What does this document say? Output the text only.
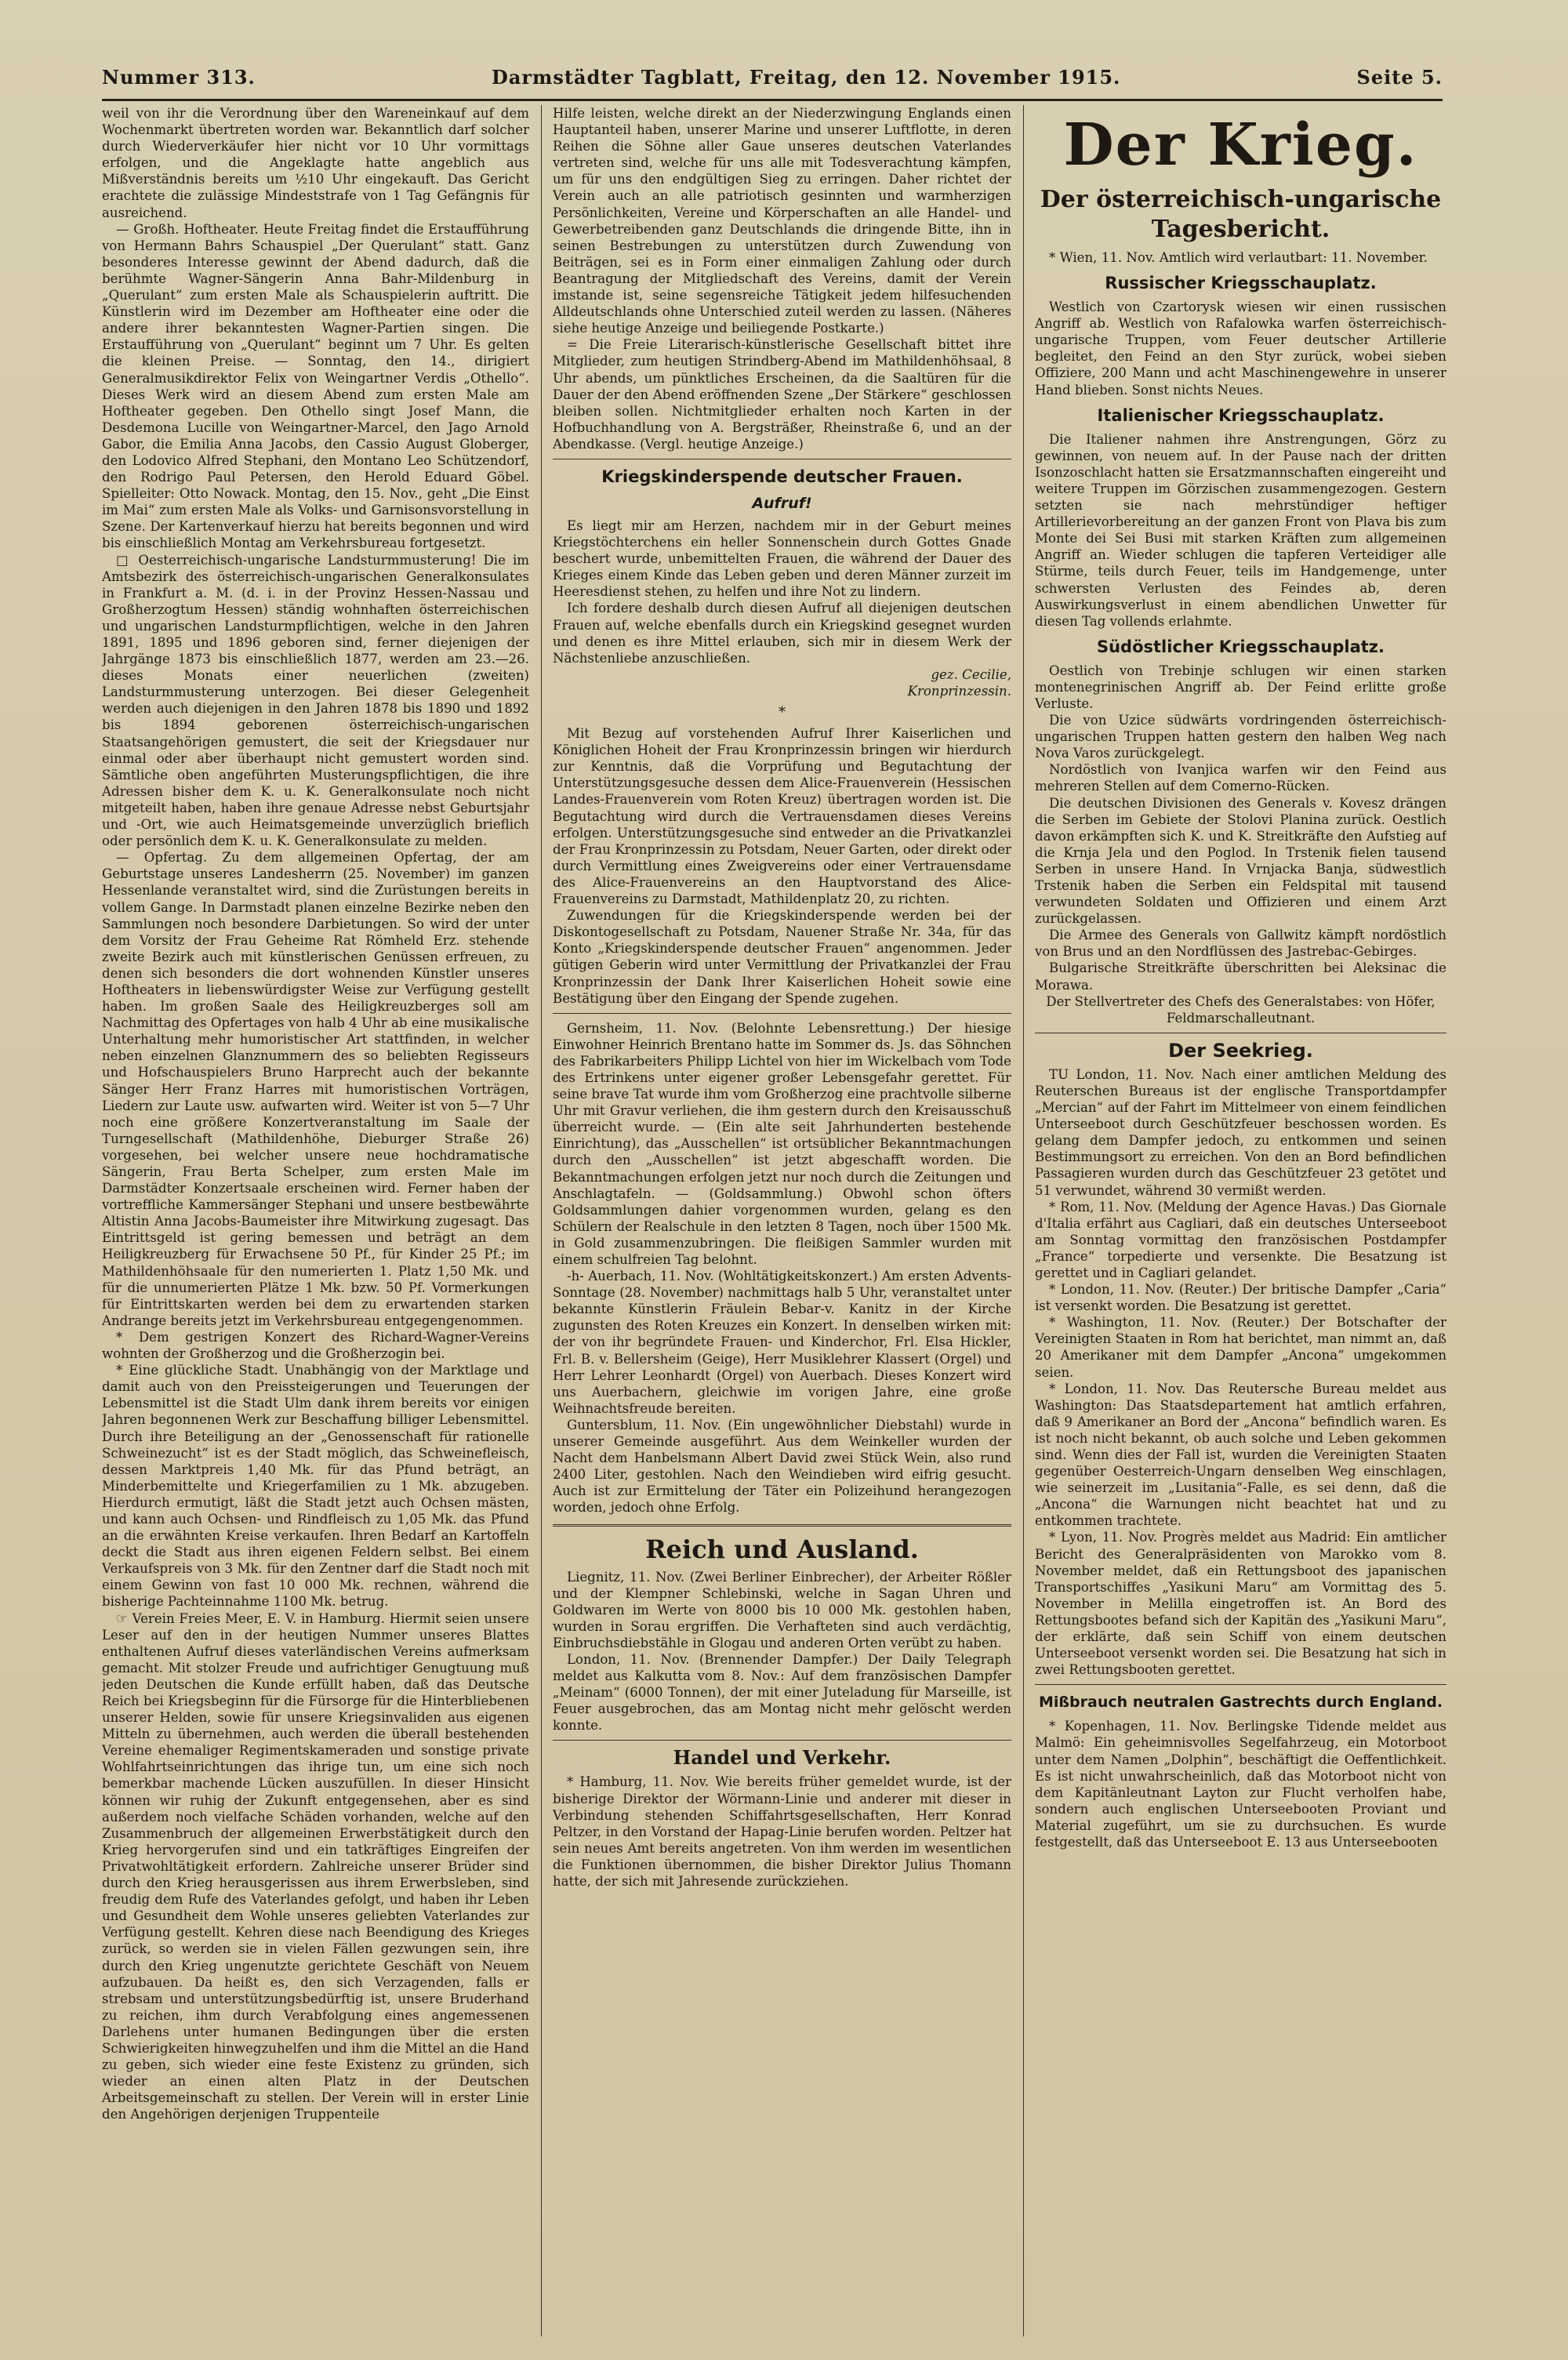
Nummer 313.	Darmstädter Tagblatt, Freitag, den 12. November 1915.	Seite 5.

weil von ihr die Verordnung über den Wareneinkauf auf dem Wochenmarkt übertreten worden war. Bekanntlich darf solcher durch Wiederverkäufer hier nicht vor 10 Uhr vormittags erfolgen, und die Angeklagte hatte angeblich aus Mißverständnis bereits um ½10 Uhr eingekauft. Das Gericht erachtete die zulässige Mindeststrafe von 1 Tag Gefängnis für ausreichend.

— Großh. Hoftheater. Heute Freitag findet die Erstaufführung von Hermann Bahrs Schauspiel „Der Querulant“ statt. Ganz besonderes Interesse gewinnt der Abend dadurch, daß die berühmte Wagner-Sängerin Anna Bahr-Mildenburg in „Querulant“ zum ersten Male als Schauspielerin auftritt. Die Künstlerin wird im Dezember am Hoftheater eine oder die andere ihrer bekanntesten Wagner-Partien singen. Die Erstaufführung von „Querulant“ beginnt um 7 Uhr. Es gelten die kleinen Preise. — Sonntag, den 14., dirigiert Generalmusikdirektor Felix von Weingartner Verdis „Othello“. Dieses Werk wird an diesem Abend zum ersten Male am Hoftheater gegeben. Den Othello singt Josef Mann, die Desdemona Lucille von Weingartner-Marcel, den Jago Arnold Gabor, die Emilia Anna Jacobs, den Cassio August Globerger, den Lodovico Alfred Stephani, den Montano Leo Schützendorf, den Rodrigo Paul Petersen, den Herold Eduard Göbel. Spielleiter: Otto Nowack. Montag, den 15. Nov., geht „Die Einst im Mai“ zum ersten Male als Volks- und Garnisonsvorstellung in Szene. Der Kartenverkauf hierzu hat bereits begonnen und wird bis einschließlich Montag am Verkehrsbureau fortgesetzt.

□ Oesterreichisch-ungarische Landsturmmusterung! Die im Amtsbezirk des österreichisch-ungarischen Generalkonsulates in Frankfurt a. M. (d. i. in der Provinz Hessen-Nassau und Großherzogtum Hessen) ständig wohnhaften österreichischen und ungarischen Landsturmpflichtigen, welche in den Jahren 1891, 1895 und 1896 geboren sind, ferner diejenigen der Jahrgänge 1873 bis einschließlich 1877, werden am 23.—26. dieses Monats einer neuerlichen (zweiten) Landsturmmusterung unterzogen. Bei dieser Gelegenheit werden auch diejenigen in den Jahren 1878 bis 1890 und 1892 bis 1894 geborenen österreichisch-ungarischen Staatsangehörigen gemustert, die seit der Kriegsdauer nur einmal oder aber überhaupt nicht gemustert worden sind. Sämtliche oben angeführten Musterungspflichtigen, die ihre Adressen bisher dem K. u. K. Generalkonsulate noch nicht mitgeteilt haben, haben ihre genaue Adresse nebst Geburtsjahr und -Ort, wie auch Heimatsgemeinde unverzüglich brieflich oder persönlich dem K. u. K. Generalkonsulate zu melden.

— Opfertag. Zu dem allgemeinen Opfertag, der am Geburtstage unseres Landesherrn (25. November) im ganzen Hessenlande veranstaltet wird, sind die Zurüstungen bereits in vollem Gange. In Darmstadt planen einzelne Bezirke neben den Sammlungen noch besondere Darbietungen. So wird der unter dem Vorsitz der Frau Geheime Rat Römheld Erz. stehende zweite Bezirk auch mit künstlerischen Genüssen erfreuen, zu denen sich besonders die dort wohnenden Künstler unseres Hoftheaters in liebenswürdigster Weise zur Verfügung gestellt haben. Im großen Saale des Heiligkreuzberges soll am Nachmittag des Opfertages von halb 4 Uhr ab eine musikalische Unterhaltung mehr humoristischer Art stattfinden, in welcher neben einzelnen Glanznummern des so beliebten Regisseurs und Hofschauspielers Bruno Harprecht auch der bekannte Sänger Herr Franz Harres mit humoristischen Vorträgen, Liedern zur Laute usw. aufwarten wird. Weiter ist von 5—7 Uhr noch eine größere Konzertveranstaltung im Saale der Turngesellschaft (Mathildenhöhe, Dieburger Straße 26) vorgesehen, bei welcher unsere neue hochdramatische Sängerin, Frau Berta Schelper, zum ersten Male im Darmstädter Konzertsaale erscheinen wird. Ferner haben der vortreffliche Kammersänger Stephani und unsere bestbewährte Altistin Anna Jacobs-Baumeister ihre Mitwirkung zugesagt. Das Eintrittsgeld ist gering bemessen und beträgt an dem Heiligkreuzberg für Erwachsene 50 Pf., für Kinder 25 Pf.; im Mathildenhöhsaale für den numerierten 1. Platz 1,50 Mk. und für die unnumerierten Plätze 1 Mk. bzw. 50 Pf. Vormerkungen für Eintrittskarten werden bei dem zu erwartenden starken Andrange bereits jetzt im Verkehrsbureau entgegengenommen.

* Dem gestrigen Konzert des Richard-Wagner-Vereins wohnten der Großherzog und die Großherzogin bei.

* Eine glückliche Stadt. Unabhängig von der Marktlage und damit auch von den Preissteigerungen und Teuerungen der Lebensmittel ist die Stadt Ulm dank ihrem bereits vor einigen Jahren begonnenen Werk zur Beschaffung billiger Lebensmittel. Durch ihre Beteiligung an der „Genossenschaft für rationelle Schweinezucht“ ist es der Stadt möglich, das Schweinefleisch, dessen Marktpreis 1,40 Mk. für das Pfund beträgt, an Minderbemittelte und Kriegerfamilien zu 1 Mk. abzugeben. Hierdurch ermutigt, läßt die Stadt jetzt auch Ochsen mästen, und kann auch Ochsen- und Rindfleisch zu 1,05 Mk. das Pfund an die erwähnten Kreise verkaufen. Ihren Bedarf an Kartoffeln deckt die Stadt aus ihren eigenen Feldern selbst. Bei einem Verkaufspreis von 3 Mk. für den Zentner darf die Stadt noch mit einem Gewinn von fast 10 000 Mk. rechnen, während die bisherige Pachteinnahme 1100 Mk. betrug.

☞ Verein Freies Meer, E. V. in Hamburg. Hiermit seien unsere Leser auf den in der heutigen Nummer unseres Blattes enthaltenen Aufruf dieses vaterländischen Vereins aufmerksam gemacht. Mit stolzer Freude und aufrichtiger Genugtuung muß jeden Deutschen die Kunde erfüllt haben, daß das Deutsche Reich bei Kriegsbeginn für die Fürsorge für die Hinterbliebenen unserer Helden, sowie für unsere Kriegsinvaliden aus eigenen Mitteln zu übernehmen, auch werden die überall bestehenden Vereine ehemaliger Regimentskameraden und sonstige private Wohlfahrtseinrichtungen das ihrige tun, um eine sich noch bemerkbar machende Lücken auszufüllen. In dieser Hinsicht können wir ruhig der Zukunft entgegensehen, aber es sind außerdem noch vielfache Schäden vorhanden, welche auf den Zusammenbruch der allgemeinen Erwerbstätigkeit durch den Krieg hervorgerufen sind und ein tatkräftiges Eingreifen der Privatwohltätigkeit erfordern. Zahlreiche unserer Brüder sind durch den Krieg herausgerissen aus ihrem Erwerbsleben, sind freudig dem Rufe des Vaterlandes gefolgt, und haben ihr Leben und Gesundheit dem Wohle unseres geliebten Vaterlandes zur Verfügung gestellt. Kehren diese nach Beendigung des Krieges zurück, so werden sie in vielen Fällen gezwungen sein, ihre durch den Krieg ungenutzte gerichtete Geschäft von Neuem aufzubauen. Da heißt es, den sich Verzagenden, falls er strebsam und unterstützungsbedürftig ist, unsere Bruderhand zu reichen, ihm durch Verabfolgung eines angemessenen Darlehens unter humanen Bedingungen über die ersten Schwierigkeiten hinwegzuhelfen und ihm die Mittel an die Hand zu geben, sich wieder eine feste Existenz zu gründen, sich wieder an einen alten Platz in der Deutschen Arbeitsgemeinschaft zu stellen. Der Verein will in erster Linie den Angehörigen derjenigen Truppenteile

Hilfe leisten, welche direkt an der Niederzwingung Englands einen Hauptanteil haben, unserer Marine und unserer Luftflotte, in deren Reihen die Söhne aller Gaue unseres deutschen Vaterlandes vertreten sind, welche für uns alle mit Todesverachtung kämpfen, um für uns den endgültigen Sieg zu erringen. Daher richtet der Verein auch an alle patriotisch gesinnten und warmherzigen Persönlichkeiten, Vereine und Körperschaften an alle Handel- und Gewerbetreibenden ganz Deutschlands die dringende Bitte, ihn in seinen Bestrebungen zu unterstützen durch Zuwendung von Beiträgen, sei es in Form einer einmaligen Zahlung oder durch Beantragung der Mitgliedschaft des Vereins, damit der Verein imstande ist, seine segensreiche Tätigkeit jedem hilfesuchenden Alldeutschlands ohne Unterschied zuteil werden zu lassen. (Näheres siehe heutige Anzeige und beiliegende Postkarte.)

= Die Freie Literarisch-künstlerische Gesellschaft bittet ihre Mitglieder, zum heutigen Strindberg-Abend im Mathildenhöhsaal, 8 Uhr abends, um pünktliches Erscheinen, da die Saaltüren für die Dauer der den Abend eröffnenden Szene „Der Stärkere“ geschlossen bleiben sollen. Nichtmitglieder erhalten noch Karten in der Hofbuchhandlung von A. Bergsträßer, Rheinstraße 6, und an der Abendkasse. (Vergl. heutige Anzeige.)

Kriegskinderspende deutscher Frauen.
Aufruf!

Es liegt mir am Herzen, nachdem mir in der Geburt meines Kriegstöchterchens ein heller Sonnenschein durch Gottes Gnade beschert wurde, unbemittelten Frauen, die während der Dauer des Krieges einem Kinde das Leben geben und deren Männer zurzeit im Heeresdienst stehen, zu helfen und ihre Not zu lindern.

Ich fordere deshalb durch diesen Aufruf all diejenigen deutschen Frauen auf, welche ebenfalls durch ein Kriegskind gesegnet wurden und denen es ihre Mittel erlauben, sich mir in diesem Werk der Nächstenliebe anzuschließen.

gez. Cecilie,

Kronprinzessin.

*

Mit Bezug auf vorstehenden Aufruf Ihrer Kaiserlichen und Königlichen Hoheit der Frau Kronprinzessin bringen wir hierdurch zur Kenntnis, daß die Vorprüfung und Begutachtung der Unterstützungsgesuche dessen dem Alice-Frauenverein (Hessischen Landes-Frauenverein vom Roten Kreuz) übertragen worden ist. Die Begutachtung wird durch die Vertrauensdamen dieses Vereins erfolgen. Unterstützungsgesuche sind entweder an die Privatkanzlei der Frau Kronprinzessin zu Potsdam, Neuer Garten, oder direkt oder durch Vermittlung eines Zweigvereins oder einer Vertrauensdame des Alice-Frauenvereins an den Hauptvorstand des Alice-Frauenvereins zu Darmstadt, Mathildenplatz 20, zu richten.

Zuwendungen für die Kriegskinderspende werden bei der Diskontogesellschaft zu Potsdam, Nauener Straße Nr. 34a, für das Konto „Kriegskinderspende deutscher Frauen“ angenommen. Jeder gütigen Geberin wird unter Vermittlung der Privatkanzlei der Frau Kronprinzessin der Dank Ihrer Kaiserlichen Hoheit sowie eine Bestätigung über den Eingang der Spende zugehen.

Gernsheim, 11. Nov. (Belohnte Lebensrettung.) Der hiesige Einwohner Heinrich Brentano hatte im Sommer ds. Js. das Söhnchen des Fabrikarbeiters Philipp Lichtel von hier im Wickelbach vom Tode des Ertrinkens unter eigener großer Lebensgefahr gerettet. Für seine brave Tat wurde ihm vom Großherzog eine prachtvolle silberne Uhr mit Gravur verliehen, die ihm gestern durch den Kreisausschuß überreicht wurde. — (Ein alte seit Jahrhunderten bestehende Einrichtung), das „Ausschellen“ ist ortsüblicher Bekanntmachungen durch den „Ausschellen“ ist jetzt abgeschafft worden. Die Bekanntmachungen erfolgen jetzt nur noch durch die Zeitungen und Anschlagtafeln. — (Goldsammlung.) Obwohl schon öfters Goldsammlungen dahier vorgenommen wurden, gelang es den Schülern der Realschule in den letzten 8 Tagen, noch über 1500 Mk. in Gold zusammenzubringen. Die fleißigen Sammler wurden mit einem schulfreien Tag belohnt.

-h- Auerbach, 11. Nov. (Wohltätigkeitskonzert.) Am ersten Advents-Sonntage (28. November) nachmittags halb 5 Uhr, veranstaltet unter bekannte Künstlerin Fräulein Bebar-v. Kanitz in der Kirche zugunsten des Roten Kreuzes ein Konzert. In denselben wirken mit: der von ihr begründete Frauen- und Kinderchor, Frl. Elsa Hickler, Frl. B. v. Bellersheim (Geige), Herr Musiklehrer Klassert (Orgel) und Herr Lehrer Leonhardt (Orgel) von Auerbach. Dieses Konzert wird uns Auerbachern, gleichwie im vorigen Jahre, eine große Weihnachtsfreude bereiten.

Guntersblum, 11. Nov. (Ein ungewöhnlicher Diebstahl) wurde in unserer Gemeinde ausgeführt. Aus dem Weinkeller wurden der Nacht dem Hanbelsmann Albert David zwei Stück Wein, also rund 2400 Liter, gestohlen. Nach den Weindieben wird eifrig gesucht. Auch ist zur Ermittelung der Täter ein Polizeihund herangezogen worden, jedoch ohne Erfolg.

Reich und Ausland.

Liegnitz, 11. Nov. (Zwei Berliner Einbrecher), der Arbeiter Rößler und der Klempner Schlebinski, welche in Sagan Uhren und Goldwaren im Werte von 8000 bis 10 000 Mk. gestohlen haben, wurden in Sorau ergriffen. Die Verhafteten sind auch verdächtig, Einbruchsdiebstähle in Glogau und anderen Orten verübt zu haben.

London, 11. Nov. (Brennender Dampfer.) Der Daily Telegraph meldet aus Kalkutta vom 8. Nov.: Auf dem französischen Dampfer „Meinam“ (6000 Tonnen), der mit einer Juteladung für Marseille, ist Feuer ausgebrochen, das am Montag nicht mehr gelöscht werden konnte.

Handel und Verkehr.

* Hamburg, 11. Nov. Wie bereits früher gemeldet wurde, ist der bisherige Direktor der Wörmann-Linie und anderer mit dieser in Verbindung stehenden Schiffahrtsgesellschaften, Herr Konrad Peltzer, in den Vorstand der Hapag-Linie berufen worden. Peltzer hat sein neues Amt bereits angetreten. Von ihm werden im wesentlichen die Funktionen übernommen, die bisher Direktor Julius Thomann hatte, der sich mit Jahresende zurückziehen.

Der Krieg.
Der österreichisch-ungarische Tagesbericht.

* Wien, 11. Nov. Amtlich wird verlautbart: 11. November.

Russischer Kriegsschauplatz.

Westlich von Czartorysk wiesen wir einen russischen Angriff ab. Westlich von Rafalowka warfen österreichisch-ungarische Truppen, vom Feuer deutscher Artillerie begleitet, den Feind an den Styr zurück, wobei sieben Offiziere, 200 Mann und acht Maschinengewehre in unserer Hand blieben. Sonst nichts Neues.

Italienischer Kriegsschauplatz.

Die Italiener nahmen ihre Anstrengungen, Görz zu gewinnen, von neuem auf. In der Pause nach der dritten Isonzoschlacht hatten sie Ersatzmannschaften eingereiht und weitere Truppen im Görzischen zusammengezogen. Gestern setzten sie nach mehrstündiger heftiger Artillerievorbereitung an der ganzen Front von Plava bis zum Monte dei Sei Busi mit starken Kräften zum allgemeinen Angriff an. Wieder schlugen die tapferen Verteidiger alle Stürme, teils durch Feuer, teils im Handgemenge, unter schwersten Verlusten des Feindes ab, deren Auswirkungsverlust in einem abendlichen Unwetter für diesen Tag vollends erlahmte.

Südöstlicher Kriegsschauplatz.

Oestlich von Trebinje schlugen wir einen starken montenegrinischen Angriff ab. Der Feind erlitte große Verluste.

Die von Uzice südwärts vordringenden österreichisch-ungarischen Truppen hatten gestern den halben Weg nach Nova Varos zurückgelegt.

Nordöstlich von Ivanjica warfen wir den Feind aus mehreren Stellen auf dem Comerno-Rücken.

Die deutschen Divisionen des Generals v. Kovesz drängen die Serben im Gebiete der Stolovi Planina zurück. Oestlich davon erkämpften sich K. und K. Streitkräfte den Aufstieg auf die Krnja Jela und den Poglod. In Trstenik fielen tausend Serben in unsere Hand. In Vrnjacka Banja, südwestlich Trstenik haben die Serben ein Feldspital mit tausend verwundeten Soldaten und Offizieren und einem Arzt zurückgelassen.

Die Armee des Generals von Gallwitz kämpft nordöstlich von Brus und an den Nordflüssen des Jastrebac-Gebirges.

Bulgarische Streitkräfte überschritten bei Aleksinac die Morawa.

Der Stellvertreter des Chefs des Generalstabes: von Höfer, Feldmarschalleutnant.

Der Seekrieg.

TU London, 11. Nov. Nach einer amtlichen Meldung des Reuterschen Bureaus ist der englische Transportdampfer „Mercian“ auf der Fahrt im Mittelmeer von einem feindlichen Unterseeboot durch Geschützfeuer beschossen worden. Es gelang dem Dampfer jedoch, zu entkommen und seinen Bestimmungsort zu erreichen. Von den an Bord befindlichen Passagieren wurden durch das Geschützfeuer 23 getötet und 51 verwundet, während 30 vermißt werden.

* Rom, 11. Nov. (Meldung der Agence Havas.) Das Giornale d'Italia erfährt aus Cagliari, daß ein deutsches Unterseeboot am Sonntag vormittag den französischen Postdampfer „France“ torpedierte und versenkte. Die Besatzung ist gerettet und in Cagliari gelandet.

* London, 11. Nov. (Reuter.) Der britische Dampfer „Caria“ ist versenkt worden. Die Besatzung ist gerettet.

* Washington, 11. Nov. (Reuter.) Der Botschafter der Vereinigten Staaten in Rom hat berichtet, man nimmt an, daß 20 Amerikaner mit dem Dampfer „Ancona“ umgekommen seien.

* London, 11. Nov. Das Reutersche Bureau meldet aus Washington: Das Staatsdepartement hat amtlich erfahren, daß 9 Amerikaner an Bord der „Ancona“ befindlich waren. Es ist noch nicht bekannt, ob auch solche und Leben gekommen sind. Wenn dies der Fall ist, wurden die Vereinigten Staaten gegenüber Oesterreich-Ungarn denselben Weg einschlagen, wie seinerzeit im „Lusitania“-Falle, es sei denn, daß die „Ancona“ die Warnungen nicht beachtet hat und zu entkommen trachtete.

* Lyon, 11. Nov. Progrès meldet aus Madrid: Ein amtlicher Bericht des Generalpräsidenten von Marokko vom 8. November meldet, daß ein Rettungsboot des japanischen Transportschiffes „Yasikuni Maru“ am Vormittag des 5. November in Melilla eingetroffen ist. An Bord des Rettungsbootes befand sich der Kapitän des „Yasikuni Maru“, der erklärte, daß sein Schiff von einem deutschen Unterseeboot versenkt worden sei. Die Besatzung hat sich in zwei Rettungsbooten gerettet.

Mißbrauch neutralen Gastrechts durch England.

* Kopenhagen, 11. Nov. Berlingske Tidende meldet aus Malmö: Ein geheimnisvolles Segelfahrzeug, ein Motorboot unter dem Namen „Dolphin“, beschäftigt die Oeffentlichkeit. Es ist nicht unwahrscheinlich, daß das Motorboot nicht von dem Kapitänleutnant Layton zur Flucht verholfen habe, sondern auch englischen Unterseebooten Proviant und Material zugeführt, um sie zu durchsuchen. Es wurde festgestellt, daß das Unterseeboot E. 13 aus Unterseebooten
